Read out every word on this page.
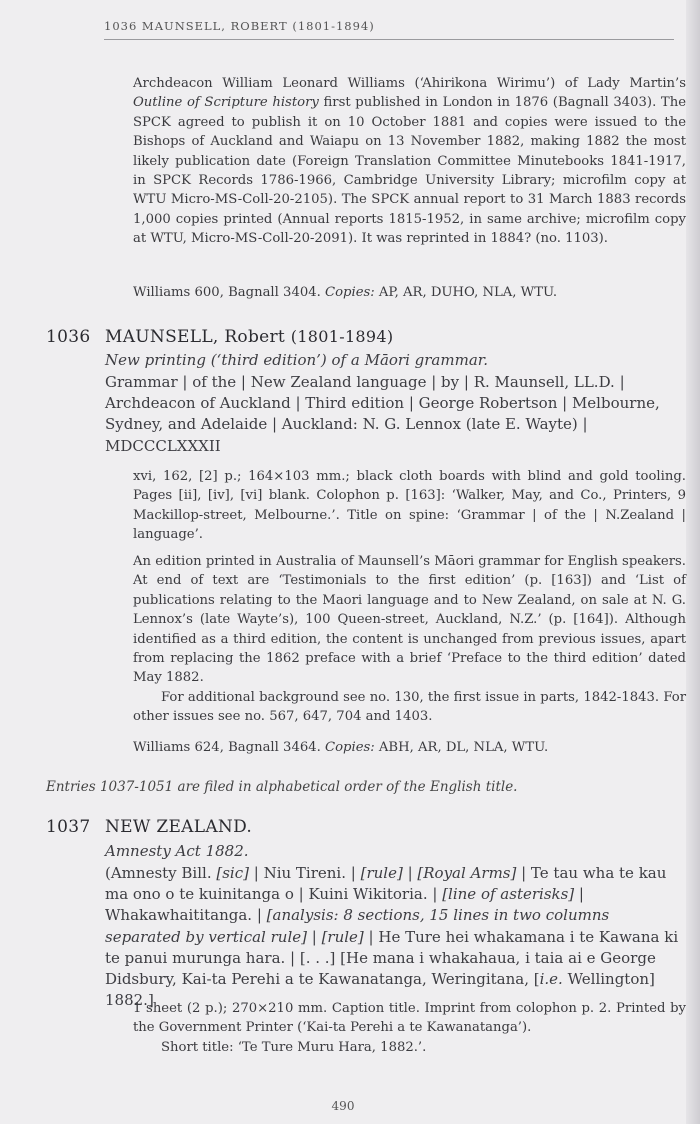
1036 MAUNSELL, ROBERT (1801-1894)

Archdeacon William Leonard Williams (‘Ahirikona Wirimu’) of Lady Martin’s Outline of Scripture history first published in London in 1876 (Bagnall 3403). The SPCK agreed to publish it on 10 October 1881 and copies were issued to the Bishops of Auckland and Waiapu on 13 November 1882, making 1882 the most likely publication date (Foreign Translation Committee Minutebooks 1841-1917, in SPCK Records 1786-1966, Cambridge University Library; microfilm copy at WTU Micro-MS-Coll-20-2105). The SPCK annual report to 31 March 1883 records 1,000 copies printed (Annual reports 1815-1952, in same archive; microfilm copy at WTU, Micro-MS-Coll-20-2091). It was reprinted in 1884? (no. 1103).

Williams 600, Bagnall 3404. Copies: AP, AR, DUHO, NLA, WTU.

1036 MAUNSELL, Robert (1801-1894)
New printing (‘third edition’) of a Māori grammar.
Grammar | of the | New Zealand language | by | R. Maunsell, LL.D. | Archdeacon of Auckland | Third edition | George Robertson | Melbourne, Sydney, and Adelaide | Auckland: N. G. Lennox (late E. Wayte) | MDCCCLXXXII

xvi, 162, [2] p.; 164×103 mm.; black cloth boards with blind and gold tooling. Pages [ii], [iv], [vi] blank. Colophon p. [163]: ‘Walker, May, and Co., Printers, 9 Mackillop-street, Melbourne.’. Title on spine: ‘Grammar | of the | N.Zealand | language’.

An edition printed in Australia of Maunsell’s Māori grammar for English speakers. At end of text are ‘Testimonials to the first edition’ (p. [163]) and ‘List of publications relating to the Maori language and to New Zealand, on sale at N. G. Lennox’s (late Wayte’s), 100 Queen-street, Auckland, N.Z.’ (p. [164]). Although identified as a third edition, the content is unchanged from previous issues, apart from replacing the 1862 preface with a brief ‘Preface to the third edition’ dated May 1882.

For additional background see no. 130, the first issue in parts, 1842-1843. For other issues see no. 567, 647, 704 and 1403.

Williams 624, Bagnall 3464. Copies: ABH, AR, DL, NLA, WTU.

Entries 1037-1051 are filed in alphabetical order of the English title.
1037 NEW ZEALAND.
Amnesty Act 1882.
(Amnesty Bill. [sic] | Niu Tireni. | [rule] | [Royal Arms] | Te tau wha te kau ma ono o te kuinitanga o | Kuini Wikitoria. | [line of asterisks] | Whakawhaititanga. | [analysis: 8 sections, 15 lines in two columns separated by vertical rule] | [rule] | He Ture hei whakamana i te Kawana ki te panui murunga hara. | [. . .] [He mana i whakahaua, i taia ai e George Didsbury, Kai-ta Perehi a te Kawanatanga, Weringitana, [i.e. Wellington] 1882.]

1 sheet (2 p.); 270×210 mm. Caption title. Imprint from colophon p. 2. Printed by the Government Printer (‘Kai-ta Perehi a te Kawanatanga’).

Short title: ‘Te Ture Muru Hara, 1882.’.

490
